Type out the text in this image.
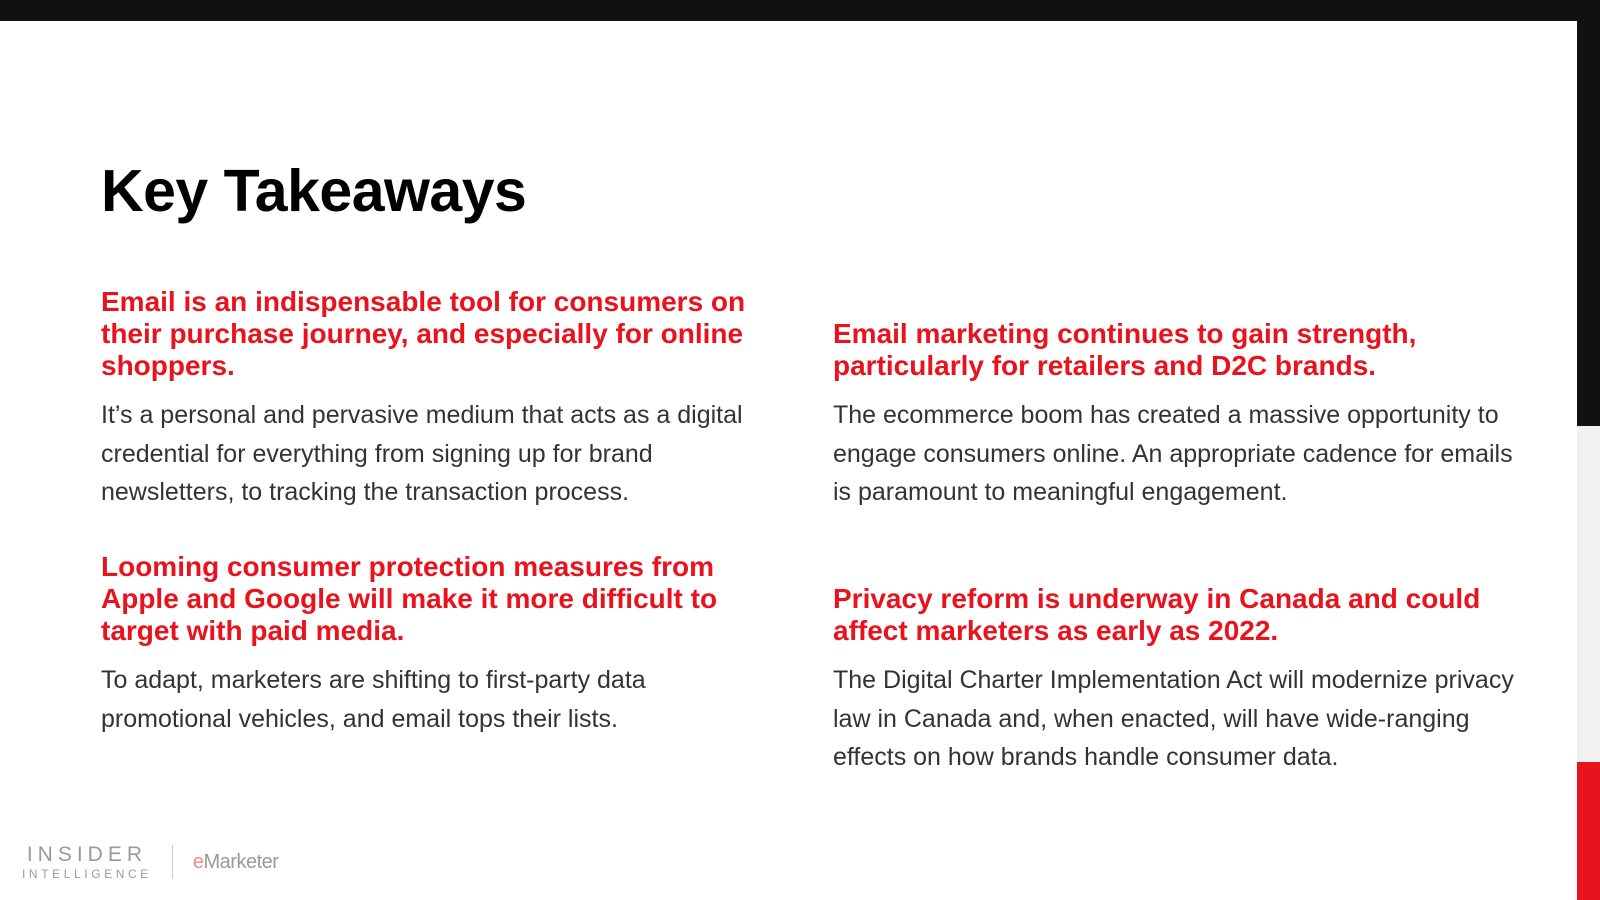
Key Takeaways
Email is an indispensable tool for consumers on their purchase journey, and especially for online shoppers.

It’s a personal and pervasive medium that acts as a digital credential for everything from signing up for brand newsletters, to tracking the transaction process.

Email marketing continues to gain strength, particularly for retailers and D2C brands.

The ecommerce boom has created a massive opportunity to engage consumers online. An appropriate cadence for emails is paramount to meaningful engagement.

Looming consumer protection measures from Apple and Google will make it more difficult to target with paid media.

To adapt, marketers are shifting to first-party data promotional vehicles, and email tops their lists.

Privacy reform is underway in Canada and could affect marketers as early as 2022.

The Digital Charter Implementation Act will modernize privacy law in Canada and, when enacted, will have wide-ranging effects on how brands handle consumer data.

INSIDER
INTELLIGENCE
eMarketer
